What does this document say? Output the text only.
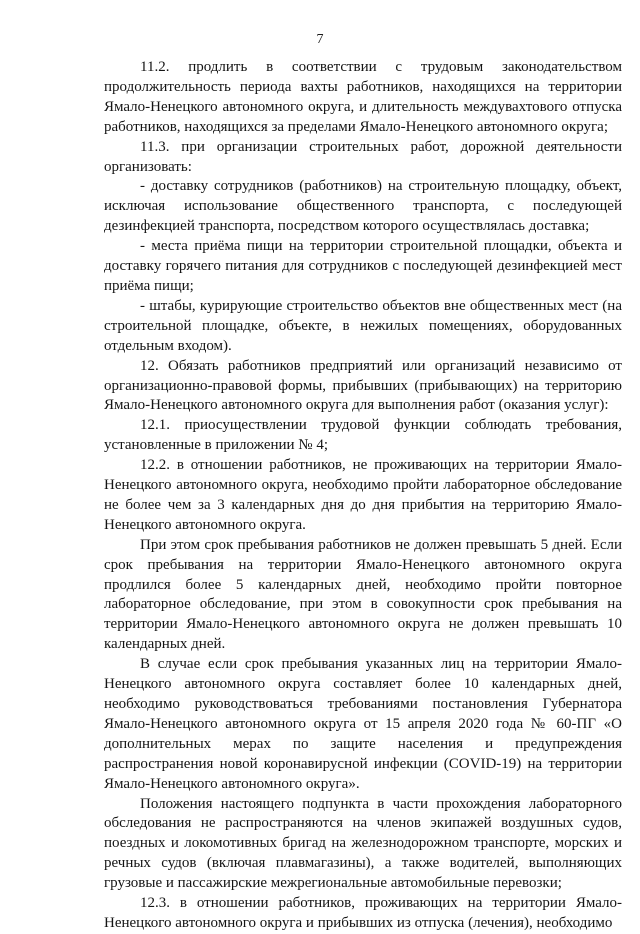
7

11.2. продлить в соответствии с трудовым законодательством продолжительность периода вахты работников, находящихся на территории Ямало-Ненецкого автономного округа, и длительность междувахтового отпуска работников, находящихся за пределами Ямало-Ненецкого автономного округа;

11.3. при организации строительных работ, дорожной деятельности организовать:

- доставку сотрудников (работников) на строительную площадку, объект, исключая использование общественного транспорта, с последующей дезинфекцией транспорта, посредством которого осуществлялась доставка;

- места приёма пищи на территории строительной площадки, объекта и доставку горячего питания для сотрудников с последующей дезинфекцией мест приёма пищи;

- штабы, курирующие строительство объектов вне общественных мест (на строительной площадке, объекте, в нежилых помещениях, оборудованных отдельным входом).

12. Обязать работников предприятий или организаций независимо от организационно-правовой формы, прибывших (прибывающих) на территорию Ямало-Ненецкого автономного округа для выполнения работ (оказания услуг):

12.1. приосуществлении трудовой функции соблюдать требования, установленные в приложении № 4;

12.2. в отношении работников, не проживающих на территории Ямало-Ненецкого автономного округа, необходимо пройти лабораторное обследование не более чем за 3 календарных дня до дня прибытия на территорию Ямало-Ненецкого автономного округа.

При этом срок пребывания работников не должен превышать 5 дней. Если срок пребывания на территории Ямало-Ненецкого автономного округа продлился более 5 календарных дней, необходимо пройти повторное лабораторное обследование, при этом в совокупности срок пребывания на территории Ямало-Ненецкого автономного округа не должен превышать 10 календарных дней.

В случае если срок пребывания указанных лиц на территории Ямало-Ненецкого автономного округа составляет более 10 календарных дней, необходимо руководствоваться требованиями постановления Губернатора Ямало-Ненецкого автономного округа от 15 апреля 2020 года № 60-ПГ «О дополнительных мерах по защите населения и предупреждения распространения новой коронавирусной инфекции (COVID-19) на территории Ямало-Ненецкого автономного округа».

Положения настоящего подпункта в части прохождения лабораторного обследования не распространяются на членов экипажей воздушных судов, поездных и локомотивных бригад на железнодорожном транспорте, морских и речных судов (включая плавмагазины), а также водителей, выполняющих грузовые и пассажирские межрегиональные автомобильные перевозки;

12.3. в отношении работников, проживающих на территории Ямало-Ненецкого автономного округа и прибывших из отпуска (лечения), необходимо
